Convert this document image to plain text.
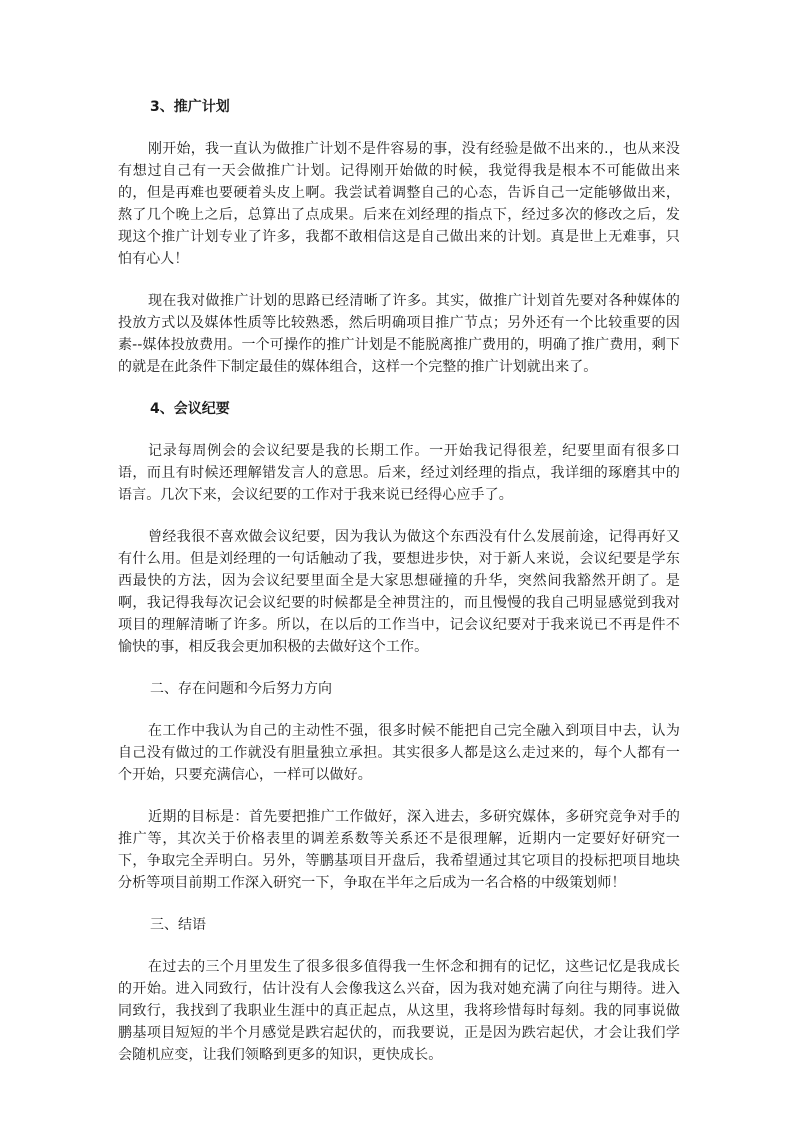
3、推广计划

刚开始，我一直认为做推广计划不是件容易的事，没有经验是做不出来的.，也从来没有想过自己有一天会做推广计划。记得刚开始做的时候，我觉得我是根本不可能做出来的，但是再难也要硬着头皮上啊。我尝试着调整自己的心态，告诉自己一定能够做出来，熬了几个晚上之后，总算出了点成果。后来在刘经理的指点下，经过多次的修改之后，发现这个推广计划专业了许多，我都不敢相信这是自己做出来的计划。真是世上无难事，只怕有心人！

现在我对做推广计划的思路已经清晰了许多。其实，做推广计划首先要对各种媒体的投放方式以及媒体性质等比较熟悉，然后明确项目推广节点；另外还有一个比较重要的因素--媒体投放费用。一个可操作的推广计划是不能脱离推广费用的，明确了推广费用，剩下的就是在此条件下制定最佳的媒体组合，这样一个完整的推广计划就出来了。

4、会议纪要

记录每周例会的会议纪要是我的长期工作。一开始我记得很差，纪要里面有很多口语，而且有时候还理解错发言人的意思。后来，经过刘经理的指点，我详细的琢磨其中的语言。几次下来，会议纪要的工作对于我来说已经得心应手了。

曾经我很不喜欢做会议纪要，因为我认为做这个东西没有什么发展前途，记得再好又有什么用。但是刘经理的一句话触动了我，要想进步快，对于新人来说，会议纪要是学东西最快的方法，因为会议纪要里面全是大家思想碰撞的升华，突然间我豁然开朗了。是啊，我记得我每次记会议纪要的时候都是全神贯注的，而且慢慢的我自己明显感觉到我对项目的理解清晰了许多。所以，在以后的工作当中，记会议纪要对于我来说已不再是件不愉快的事，相反我会更加积极的去做好这个工作。

二、存在问题和今后努力方向

在工作中我认为自己的主动性不强，很多时候不能把自己完全融入到项目中去，认为自己没有做过的工作就没有胆量独立承担。其实很多人都是这么走过来的，每个人都有一个开始，只要充满信心，一样可以做好。

近期的目标是：首先要把推广工作做好，深入进去，多研究媒体，多研究竞争对手的推广等，其次关于价格表里的调差系数等关系还不是很理解，近期内一定要好好研究一下，争取完全弄明白。另外，等鹏基项目开盘后，我希望通过其它项目的投标把项目地块分析等项目前期工作深入研究一下，争取在半年之后成为一名合格的中级策划师！

三、结语

在过去的三个月里发生了很多很多值得我一生怀念和拥有的记忆，这些记忆是我成长的开始。进入同致行，估计没有人会像我这么兴奋，因为我对她充满了向往与期待。进入同致行，我找到了我职业生涯中的真正起点，从这里，我将珍惜每时每刻。我的同事说做鹏基项目短短的半个月感觉是跌宕起伏的，而我要说，正是因为跌宕起伏，才会让我们学会随机应变，让我们领略到更多的知识，更快成长。
